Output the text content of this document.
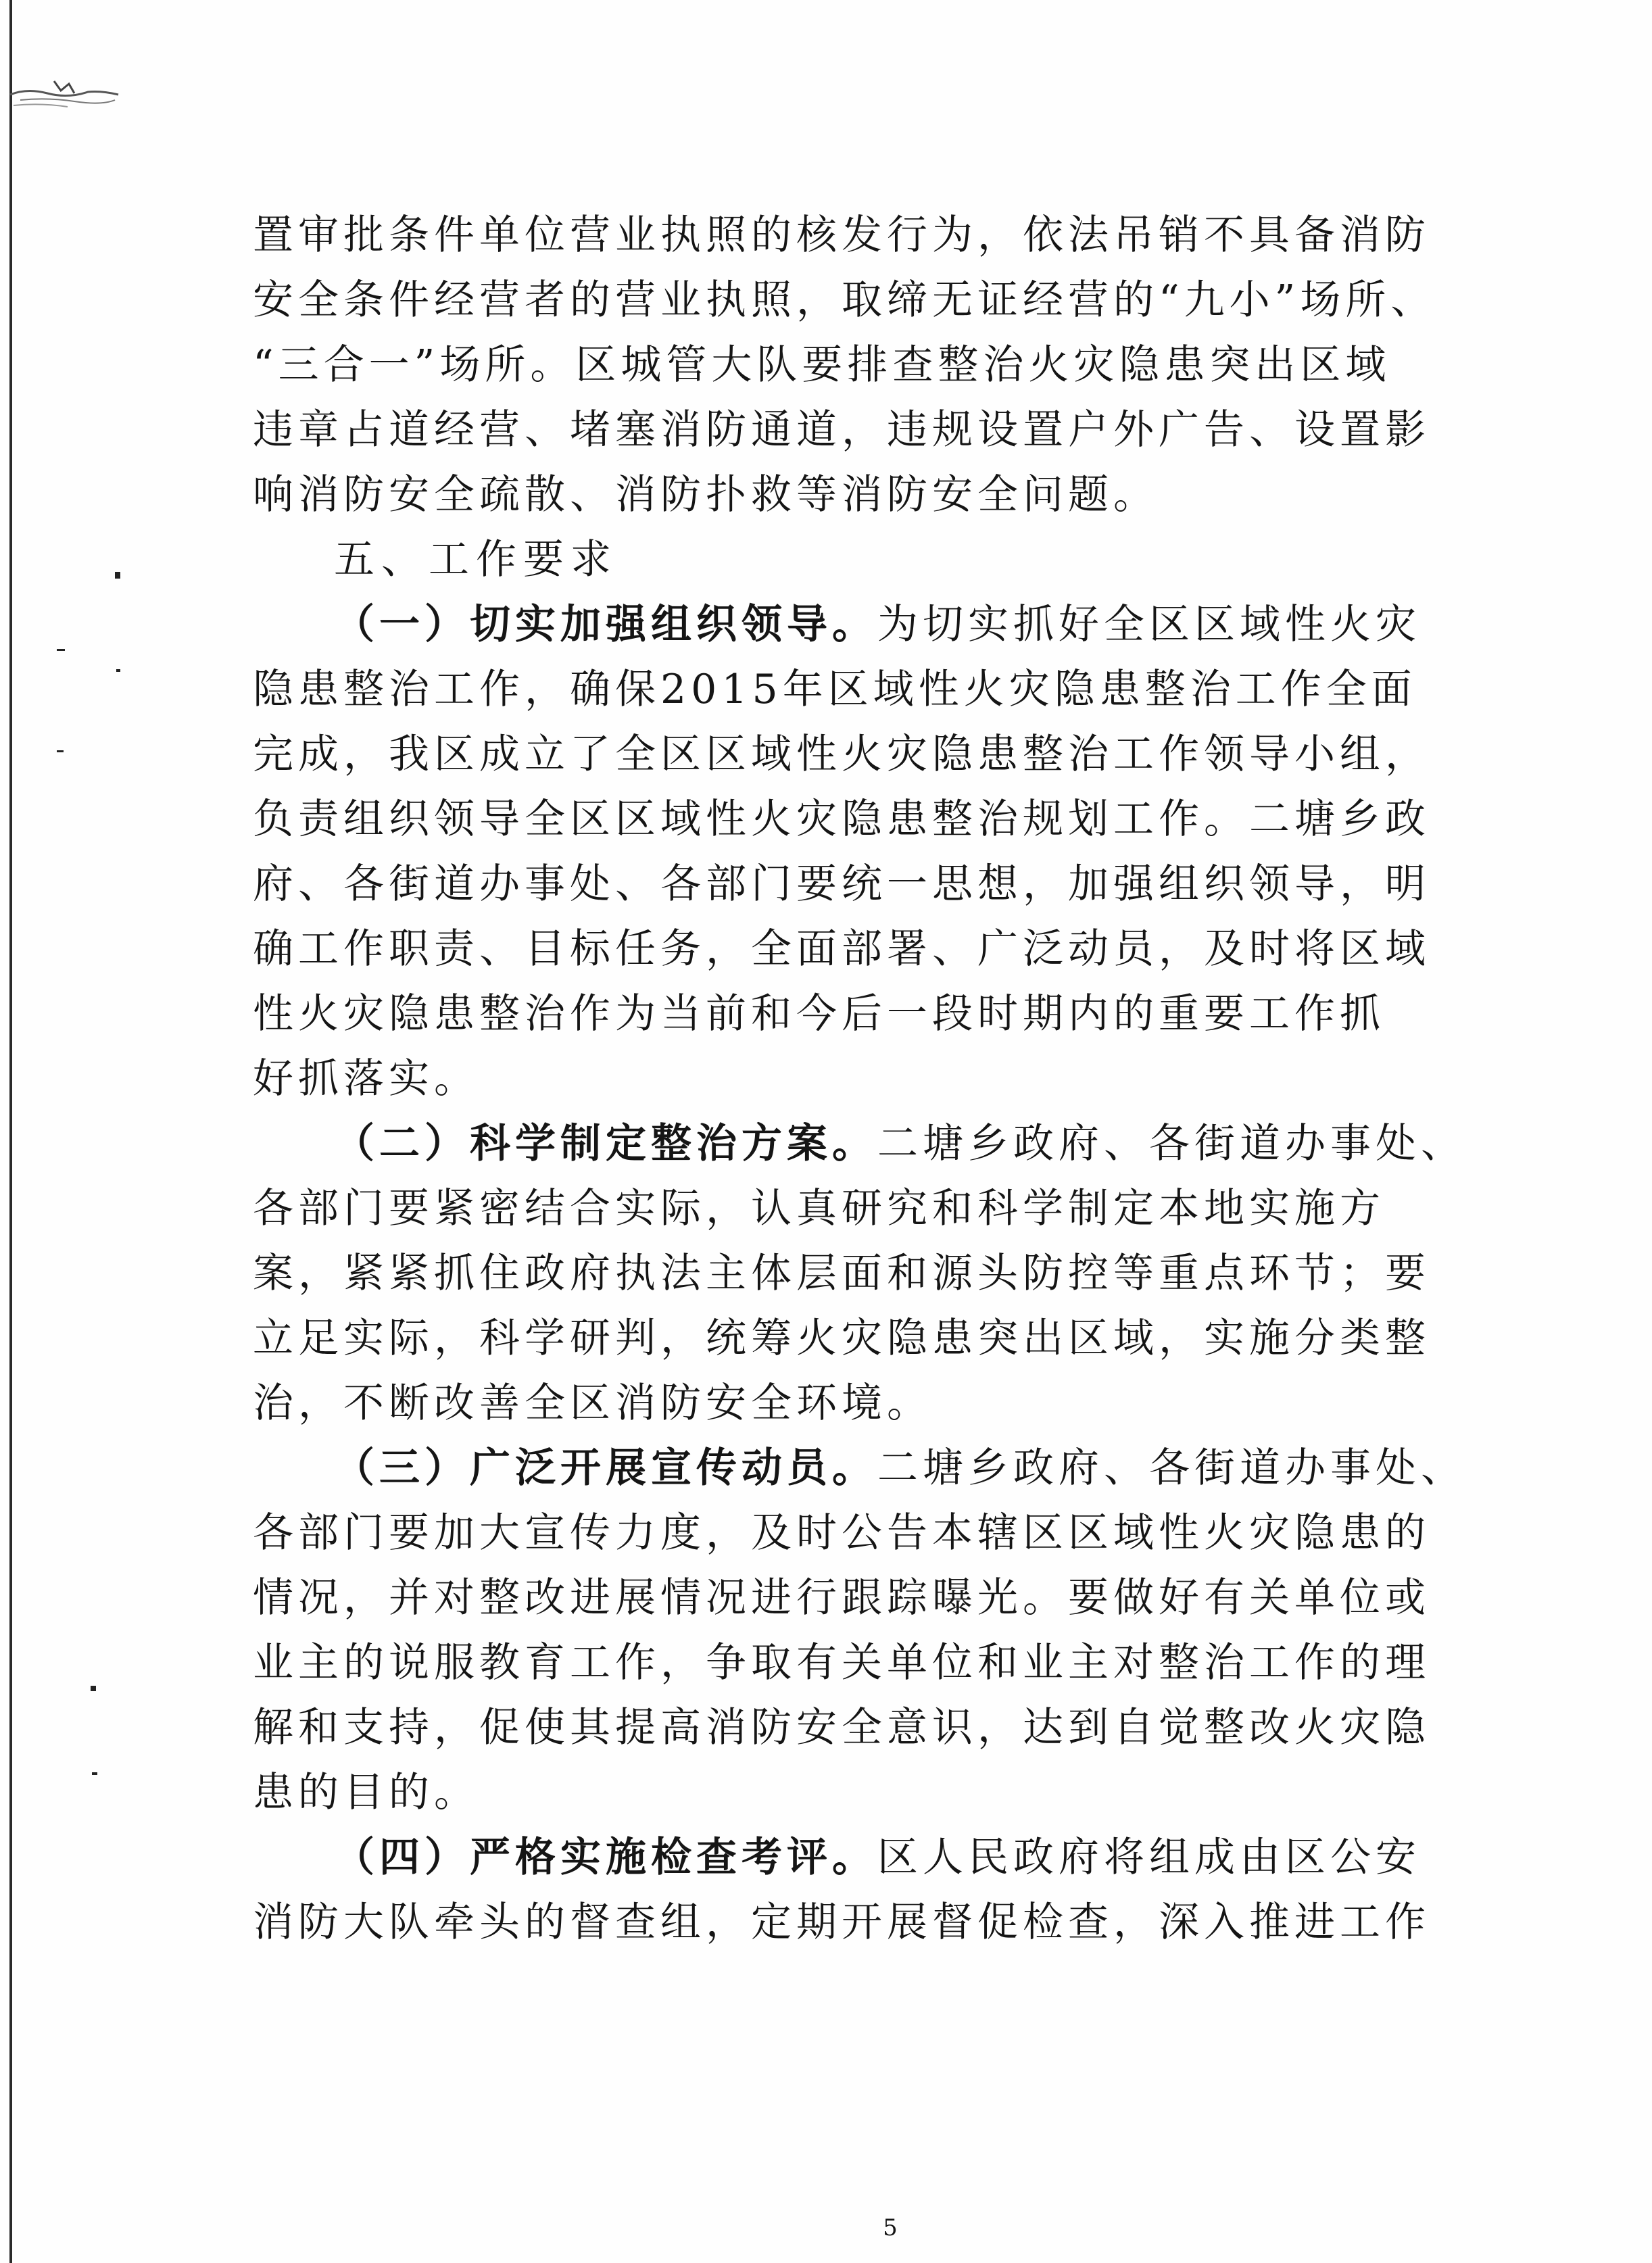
置审批条件单位营业执照的核发行为，依法吊销不具备消防
安全条件经营者的营业执照，取缔无证经营的“九小”场所、
“三合一”场所。区城管大队要排查整治火灾隐患突出区域
违章占道经营、堵塞消防通道，违规设置户外广告、设置影
响消防安全疏散、消防扑救等消防安全问题。
五、工作要求
（一）切实加强组织领导。为切实抓好全区区域性火灾
隐患整治工作，确保2015年区域性火灾隐患整治工作全面
完成，我区成立了全区区域性火灾隐患整治工作领导小组，
负责组织领导全区区域性火灾隐患整治规划工作。二塘乡政
府、各街道办事处、各部门要统一思想，加强组织领导，明
确工作职责、目标任务，全面部署、广泛动员，及时将区域
性火灾隐患整治作为当前和今后一段时期内的重要工作抓
好抓落实。
（二）科学制定整治方案。二塘乡政府、各街道办事处、
各部门要紧密结合实际，认真研究和科学制定本地实施方
案，紧紧抓住政府执法主体层面和源头防控等重点环节；要
立足实际，科学研判，统筹火灾隐患突出区域，实施分类整
治，不断改善全区消防安全环境。
（三）广泛开展宣传动员。二塘乡政府、各街道办事处、
各部门要加大宣传力度，及时公告本辖区区域性火灾隐患的
情况，并对整改进展情况进行跟踪曝光。要做好有关单位或
业主的说服教育工作，争取有关单位和业主对整治工作的理
解和支持，促使其提高消防安全意识，达到自觉整改火灾隐
患的目的。
（四）严格实施检查考评。区人民政府将组成由区公安
消防大队牵头的督查组，定期开展督促检查，深入推进工作
5
